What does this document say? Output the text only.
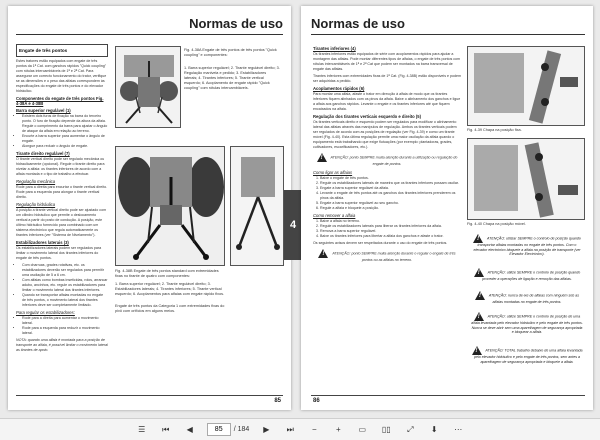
Normas de uso
Engate de três pontos

Estes tratores estão equipados com engate de três pontos da 1ª Cat. com ganchos rápidos "Quick coupling" com rótulas intercambiáveis de 1ª e 2ª Cat. Para assegurar um correcto funcionamento do trator, verifique se as dimensões e o peso das alfaias correspondem às especificações do engate de três pontos e do elevador hidráulico.

Componentes do engate de três pontos Fig. 4-38A e 4-38B
Barra superior regulável (1)
• Existem dois furos de fixação na barra do terceiro ponto. O furo de fixação depende da altura da alfaia. Regule o comprimento da barra para ajustar o ângulo de ataque da alfaia em relação ao terreno.
• Encurte a barra superior para aumentar o ângulo de engate.
• Alongue para reduzir o ângulo de engate.
Tirante direito regulável (7)

O tirante vertical direito pode ser regulado mecânica ou hidraulicamente (opcional). Regule o tirante direito para nivelar a alfaia: os tirantes inferiores de acordo com a alfaia montada e o tipo de trabalho a efectuar.

Regulação mecânica

Rode para a direita para encurtar o tirante vertical direito. Rode para a esquerda para alongar o tirante vertical direito.

Regulação hidráulica

A posição a tirante vertical direito pode ser ajustado com um cilindro hidráulico que permite o deslocamento vertical a partir do posto de condução. A posição, este último hidráulico fornecido para combinado com um sistema electrónico que regula automaticamente os tirantes inferiores (ver "Sistema de Nivelamento").

Estabilizadores laterais (3)

Os estabilizadores laterais podem ser regulados para limitar o movimento lateral dos tirantes inferiores do engate de três pontos.

• Com charruas, grades rotativas, etc. os estabilizadores deverão ser regulados para permitir uma oscilação de 5 a 6 cm.
• Com alfaias como bombas inseticidas, rolos, arrancar adubo, ancinhos, etc. regule os estabilizadores para limitar o movimento lateral dos tirantes inferiores.
• Quando se transportar alfaias montadas no engate de três pontos, o movimento lateral dos tirantes inferiores deve ser completamente limitado.
Para regular os estabilizadores:
• Rode para a direita para aumentar o movimento lateral.
• Rode para a esquerda para reduzir o movimento lateral.

NOTA: quando uma alfaia é montada para a posição de transporte ao alfaia, é possível limitar o movimento lateral as tirantes de apoio.

Fig. 4-38A Engate de três pontos de três pontos "Quick coupling" e componentes:
1. Barra superior regulável; 2. Tirante regulável direito; 3. Regulação manivela e pedido; 3. Estabilizadores laterais; 4. Tirantes inferiores; 5. Tirante vertical esquerdo; 6. Acoplamento de engate rápido "Quick coupling" com rótulas intercambiáveis.
Fig. 4-38B Engate de três pontos standard com extremidades fixas no tirante de quatro com componentes:
1. Barra superior regulável; 2. Tirante regulável direito; 3. Estabilizadores laterais; 4. Tirantes inferiores; 5. Tirante vertical esquerdo; 6. Acoplamentos para alfaias com engate rápido fixos.
Engate de três pontos da Categoria 1 com extremidades fixas do pivô com orifícios em alguns meios.
85
4
Normas de uso
Tirantes inferiores (4)

Os tirantes inferiores estão equipados de série com acoplamentos rápidos para ajudar a montagem das alfaias. Pode montar diferentes tipos de alfaias, o engate de três pontos com rótulas intercambiáveis de 1ª e 2ª Cat que podem ser montados na barra transversal de engate das alfaias.

Tirantes inferiores com extremidades fixas de 1ª Cat. (Fig. 4-38B) estão disponíveis e podem ser adquiridas a pedido.

Acoplamentos rápidos (6)

Para montar uma alfaia, afaste o trator em direcção à alfaia de modo que os tirantes inferiores fiquem alinhados com os pinos da alfaia. Baixe o alinhamento dos ganchos e ligue a alfaia aos ganchos rápidos. Levante o engate e os tirantes inferiores até que fiquem encaixados na alfaia.

Regulação dos tirantes verticais esquerdo e direito (5)

Os tirantes verticais direito e esquerdo podem ser regulados para modificar o alinhamento lateral das alfaias através das manípulos de regulação. Ambos os tirantes verticais podem ser regulados de acordo com as posições de regulação (ver Fig. 4-39) e como um tirante móvel (Fig. 4-40). Esta última regulação permite uma maior oscilação da alfaia quando o equipamento está trabalhando que exige flutuações (por exemplo: plantadoras, grades, cultivadores, escarificadores, etc.).

! ATENÇÃO: ponto SEMPRE muita atenção durante a utilização ou regulação do engate de pontos.

Como ligar as alfaias
1. Baixe o engate de três pontos.
2. Regule os estabilizadores laterais de maneira que os tirantes inferiores possam oscilar.
3. Engate a barra superior regulável da alfaia.
4. Levante o engate de três pontos até os ganchos dos tirantes inferiores prenderem os pinos da alfaia.
5. Engate a barra superior regulável ao seu gancho.
6. Regule a alfaia e bloqueie a posição.
Como remover a alfaia
1. Baixe a alfaia no terreno.
2. Regule os estabilizadores laterais para liberar os tirantes inferiores da alfaia.
3. Remova a barra superior regulável.
4. Baixe os tirantes inferiores para libertar a alfaia dos ganchos e afaste o trator.

Os seguintes avisos devem ser respeitados durante o uso do engate de três pontos.

! ATENÇÃO: ponto SEMPRE muita atenção durante o regular o engate de três pontos ou as alfaias no terreno.

Fig. 4-39 Chapa na posição fixa.
Fig. 4-40 Chapa na posição móvel.
! ATENÇÃO: utilizar SEMPRE o controlo de posição quando transportar alfaias montadas no engate de três pontos. Com o elevador electrónico bloqueie a alfaia na posição de transporte (ver Elevador Electrónico).
! ATENÇÃO: utilize SEMPRE o controlo de posição quando proceder a operações de ligação e remoção das alfaias.
! ATENÇÃO: nunca de-ixe de alfaias com ninguém sob as alfaias montadas no engate de três pontos.
! ATENÇÃO: utilize SEMPRE o controlo de posição de uma alfaia levantada pelo elevador hidráulico e pelo engate de três pontos. Nunca se deve abrir sem uma aparelhagem de segurança apropriada e bloquear a alfaia.
! ATENÇÃO: TOTAL trabalho debaixo de uma alfaia levantada pelo elevador hidráulico e pelo engate de três pontos, sem antes a aparelhagem de segurança apropriada e bloqueie a alfaia.
86
☰	⏮	◀
85	/ 184	▶	⏭	−	+	▭	▯▯	⤢	⬇	⋯
